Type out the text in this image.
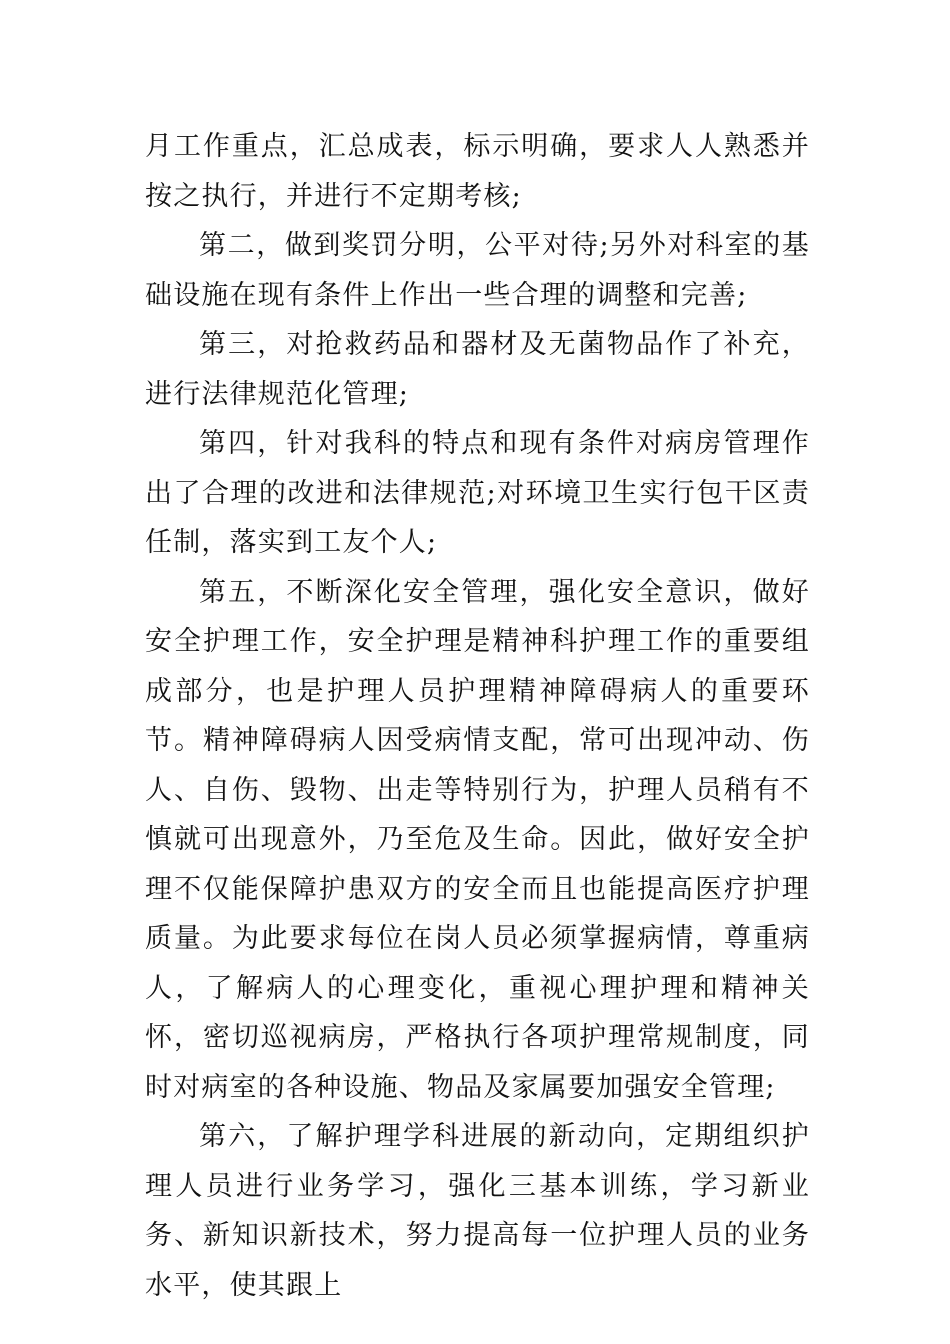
月工作重点，汇总成表，标示明确，要求人人熟悉并按之执行，并进行不定期考核;

第二，做到奖罚分明，公平对待;另外对科室的基础设施在现有条件上作出一些合理的调整和完善;

第三，对抢救药品和器材及无菌物品作了补充，进行法律规范化管理;

第四，针对我科的特点和现有条件对病房管理作出了合理的改进和法律规范;对环境卫生实行包干区责任制，落实到工友个人;

第五，不断深化安全管理，强化安全意识，做好安全护理工作，安全护理是精神科护理工作的重要组成部分，也是护理人员护理精神障碍病人的重要环节。精神障碍病人因受病情支配，常可出现冲动、伤人、自伤、毁物、出走等特别行为，护理人员稍有不慎就可出现意外，乃至危及生命。因此，做好安全护理不仅能保障护患双方的安全而且也能提高医疗护理质量。为此要求每位在岗人员必须掌握病情，尊重病人，了解病人的心理变化，重视心理护理和精神关怀，密切巡视病房，严格执行各项护理常规制度，同时对病室的各种设施、物品及家属要加强安全管理;

第六，了解护理学科进展的新动向，定期组织护理人员进行业务学习，强化三基本训练，学习新业务、新知识新技术，努力提高每一位护理人员的业务水平，使其跟上
